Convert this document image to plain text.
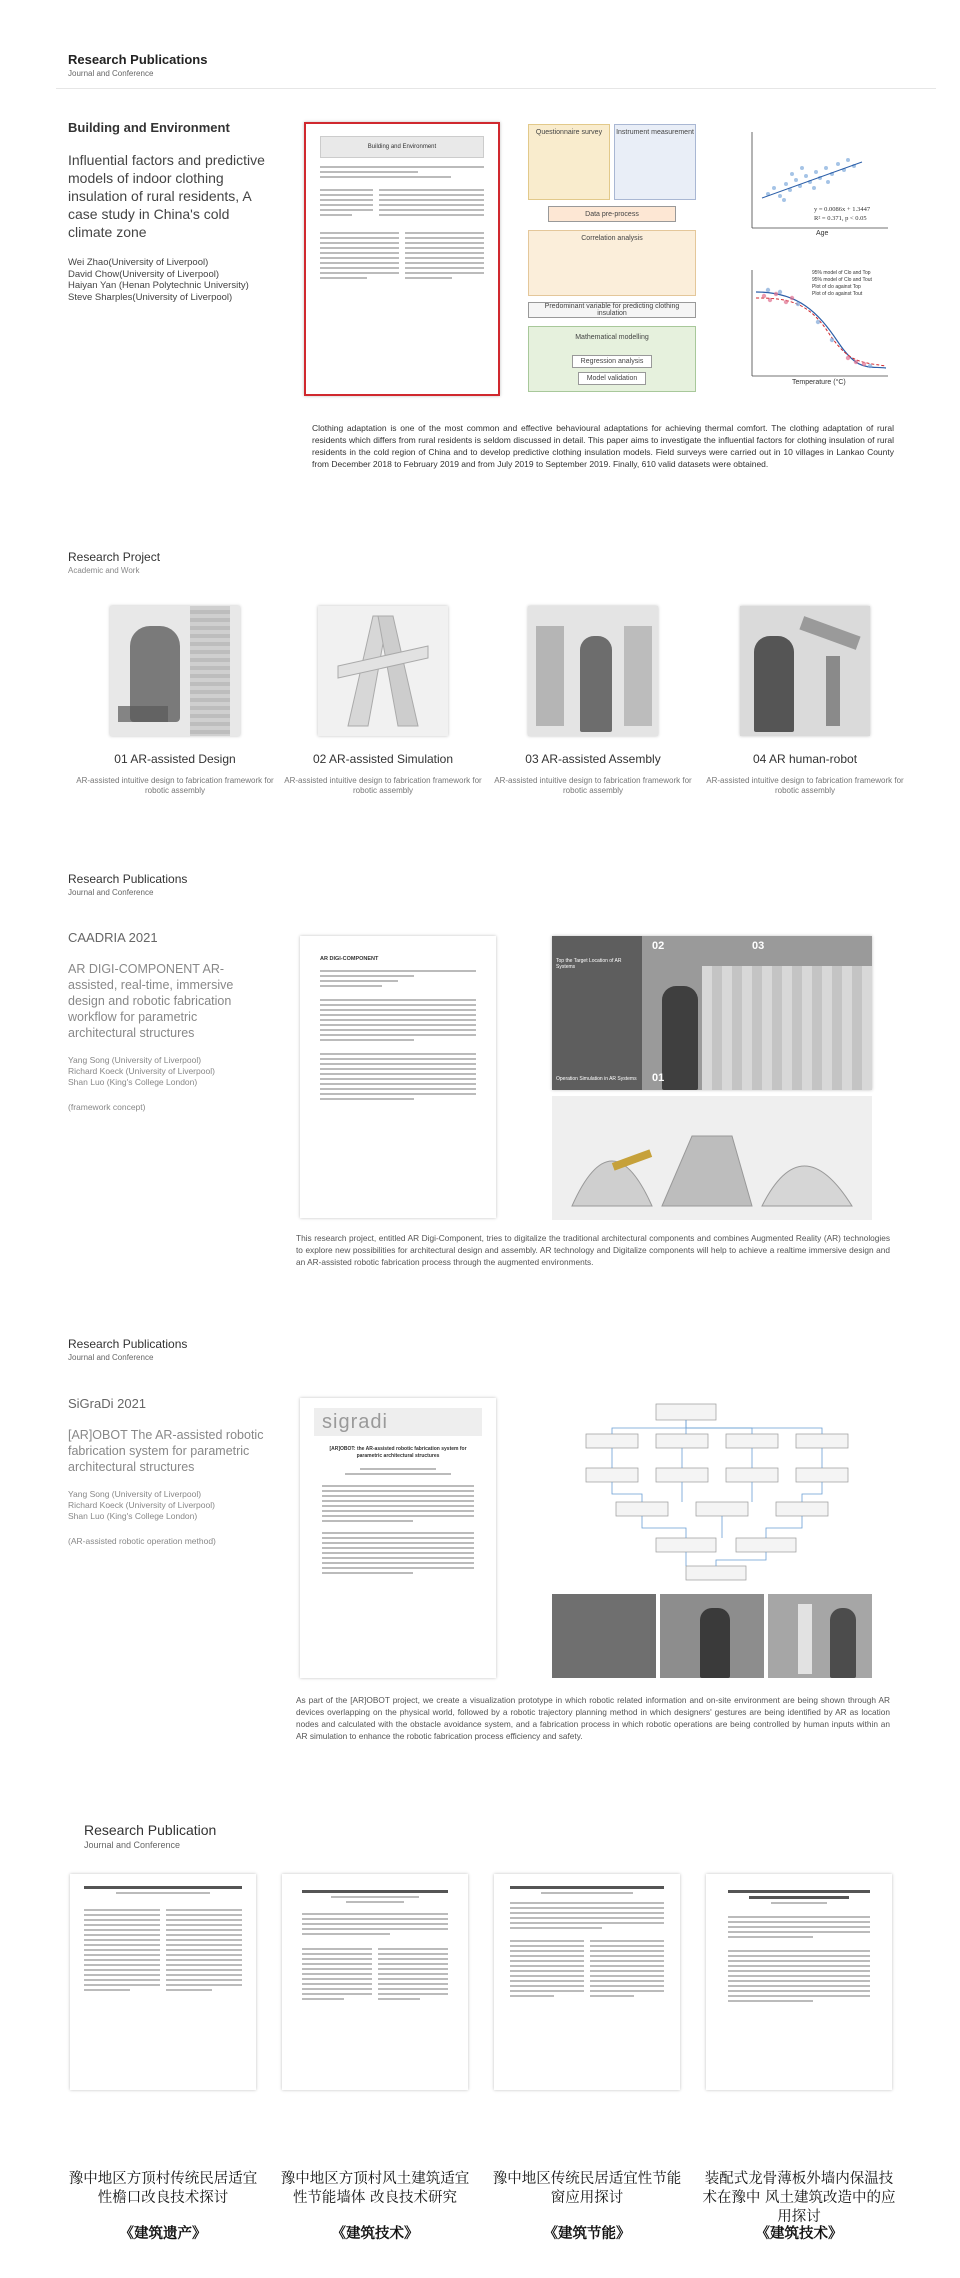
Research Publications
Journal and Conference
Building and Environment
Influential factors and predictive models of indoor clothing insulation of rural residents, A case study in China's cold climate zone
Wei Zhao(University of Liverpool)
David Chow(University of Liverpool)
Haiyan Yan (Henan Polytechnic University)
Steve Sharples(University of Liverpool)
Building and Environment
Questionnaire survey	Instrument measurement
Data pre-process
Correlation analysis
Predominant variable for predicting clothing insulation
Mathematical modelling
Regression analysis
Model validation
y = 0.0086x + 1.3447
R² = 0.371, p < 0.05
Age
95% model of Clo and Top
95% model of Clo and Tout
Plot of clo against Top
Plot of clo against Tout
Temperature (°C)
Clothing adaptation is one of the most common and effective behavioural adaptations for achieving thermal comfort. The clothing adaptation of rural residents which differs from rural residents is seldom discussed in detail. This paper aims to investigate the influential factors for clothing insulation of rural residents in the cold region of China and to develop predictive clothing insulation models. Field surveys were carried out in 10 villages in Lankao County from December 2018 to February 2019 and from July 2019 to September 2019. Finally, 610 valid datasets were obtained.
Research Project
Academic and Work
01 AR-assisted Design
AR-assisted intuitive design to fabrication framework for robotic assembly
02 AR-assisted Simulation
AR-assisted intuitive design to fabrication framework for robotic assembly
03 AR-assisted Assembly
AR-assisted intuitive design to fabrication framework for robotic assembly
04 AR human-robot
AR-assisted intuitive design to fabrication framework for robotic assembly
Research Publications
Journal and Conference
CAADRIA 2021
AR DIGI-COMPONENT AR-assisted, real-time, immersive design and robotic fabrication workflow for parametric architectural structures
Yang Song (University of Liverpool)
Richard Koeck (University of Liverpool)
Shan Luo (King's College London)
(framework concept)
AR DIGI-COMPONENT	Top the Target Location of AR Systems
Operation Simulation in AR Systems
02	03
01
This research project, entitled AR Digi-Component, tries to digitalize the traditional architectural components and combines Augmented Reality (AR) technologies to explore new possibilities for architectural design and assembly. AR technology and Digitalize components will help to achieve a realtime immersive design and an AR-assisted robotic fabrication process through the augmented environments.
Research Publications
Journal and Conference
SiGraDi 2021
[AR]OBOT The AR-assisted robotic fabrication system for parametric architectural structures
Yang Song (University of Liverpool)
Richard Koeck (University of Liverpool)
Shan Luo (King's College London)
(AR-assisted robotic operation method)
sigradi
[AR]OBOT: the AR-assisted robotic fabrication system for parametric architectural structures
As part of the [AR]OBOT project, we create a visualization prototype in which robotic related information and on-site environment are being shown through AR devices overlapping on the physical world, followed by a robotic trajectory planning method in which designers' gestures are being identified by AR as location nodes and calculated with the obstacle avoidance system, and a fabrication process in which robotic operations are being controlled by human inputs within an AR simulation to enhance the robotic fabrication process efficiency and safety.
Research Publication
Journal and Conference
豫中地区方顶村传统民居适宜性檐口改良技术探讨
《建筑遗产》
豫中地区方顶村风土建筑适宜性节能墙体 改良技术研究
《建筑技术》
豫中地区传统民居适宜性节能窗应用探讨
《建筑节能》
装配式龙骨薄板外墙内保温技术在豫中 风土建筑改造中的应用探讨
《建筑技术》
